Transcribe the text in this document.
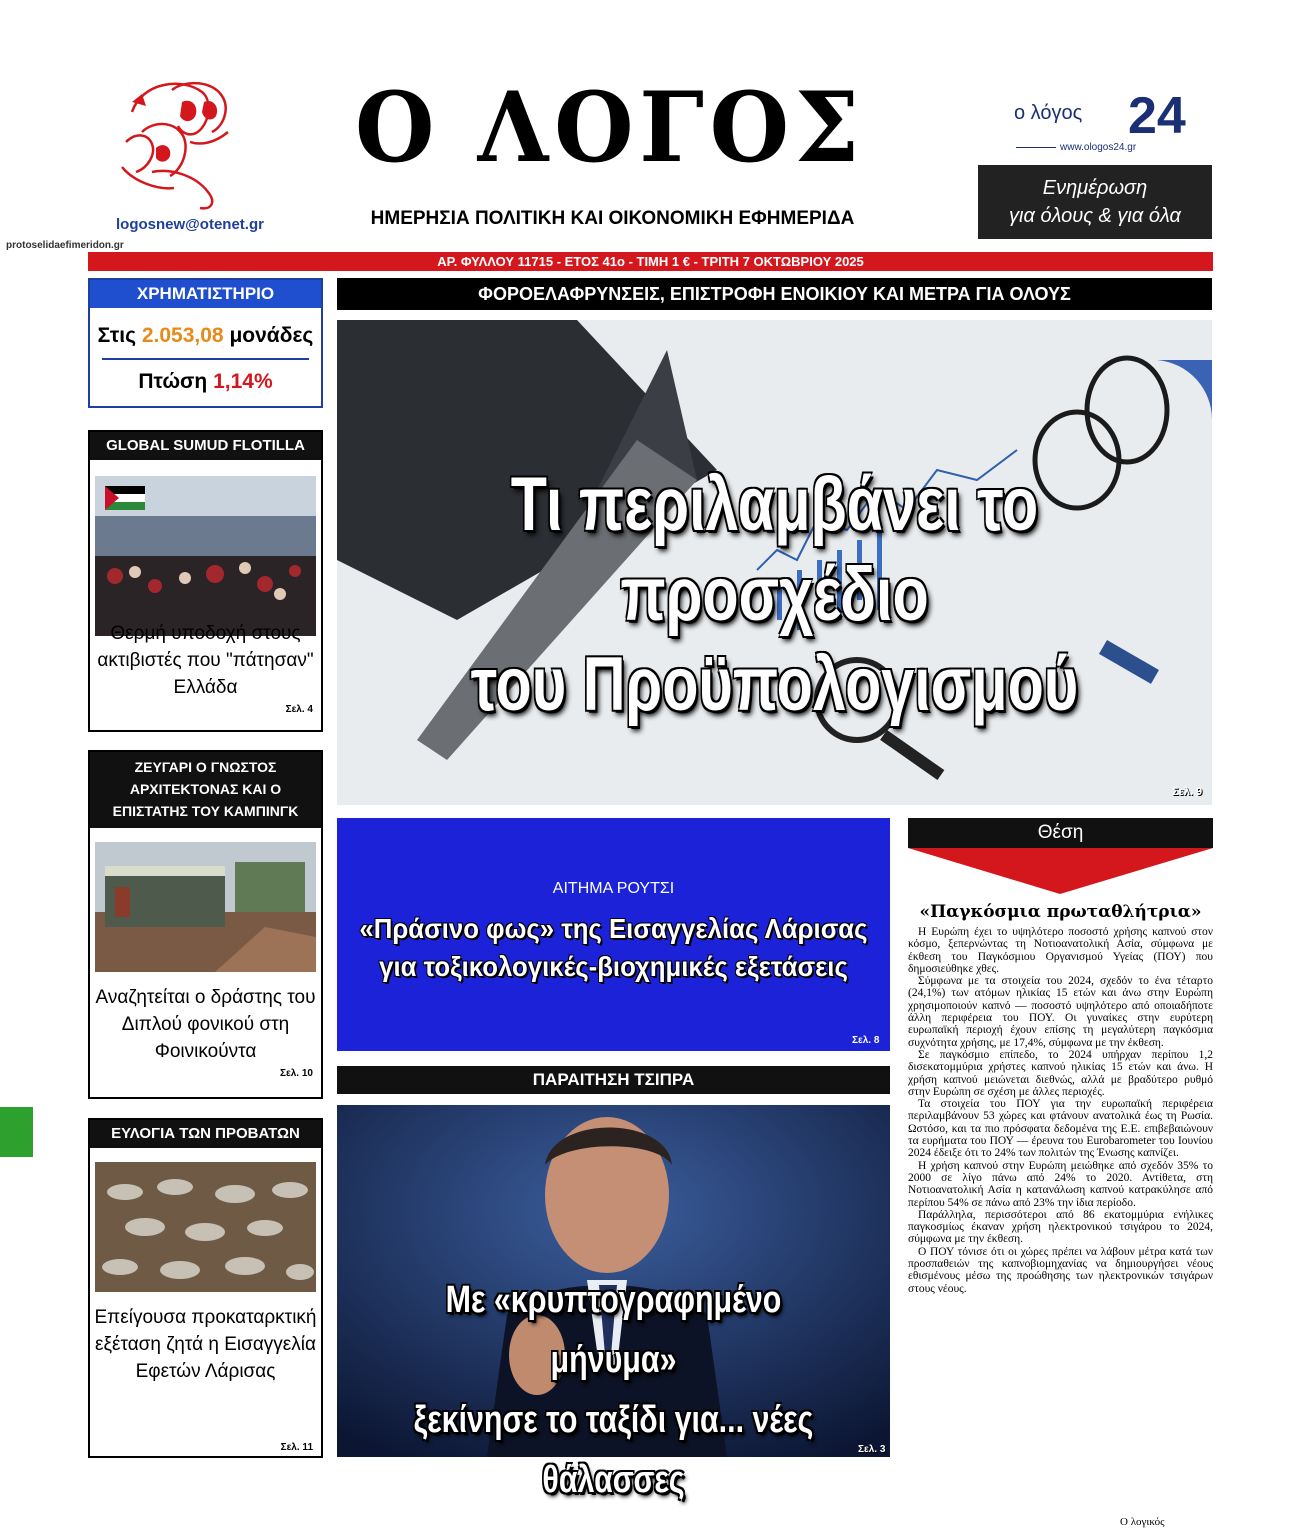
logosnew@otenet.gr
Ο ΛΟΓΟΣ
ΗΜΕΡΗΣΙΑ ΠΟΛΙΤΙΚΗ ΚΑΙ ΟΙΚΟΝΟΜΙΚΗ ΕΦΗΜΕΡΙΔΑ
protoselidaefimeridon.gr
ο λόγος 24
www.ologos24.gr
Ενημέρωση
για όλους & για όλα
ΑΡ. ΦΥΛΛΟΥ 11715 - ΕΤΟΣ 41ο - ΤΙΜΗ 1 € - ΤΡΙΤΗ 7 ΟΚΤΩΒΡΙΟΥ 2025
ΧΡΗΜΑΤΙΣΤΗΡΙΟ
Στις 2.053,08 μονάδες
Πτώση 1,14%
GLOBAL SUMUD FLOTILLA
Θερμή υποδοχή στους ακτιβιστές που "πάτησαν" Ελλάδα
Σελ. 4
ΖΕΥΓΑΡΙ Ο ΓΝΩΣΤΟΣ ΑΡΧΙΤΕΚΤΟΝΑΣ ΚΑΙ Ο ΕΠΙΣΤΑΤΗΣ ΤΟΥ ΚΑΜΠΙΝΓΚ
Αναζητείται ο δράστης του Διπλού φονικού στη Φοινικούντα
Σελ. 10
ΕΥΛΟΓΙΑ ΤΩΝ ΠΡΟΒΑΤΩΝ
Επείγουσα προκαταρκτική εξέταση ζητά η Εισαγγελία Εφετών Λάρισας
Σελ. 11
ΦΟΡΟΕΛΑΦΡΥΝΣΕΙΣ, ΕΠΙΣΤΡΟΦΗ ΕΝΟΙΚΙΟΥ ΚΑΙ ΜΕΤΡΑ ΓΙΑ ΟΛΟΥΣ
Τι περιλαμβάνει το προσχέδιο
του Προϋπολογισμού
Σελ. 9
ΑΙΤΗΜΑ ΡΟΥΤΣΙ
«Πράσινο φως» της Εισαγγελίας Λάρισας
για τοξικολογικές-βιοχημικές εξετάσεις
Σελ. 8
ΠΑΡΑΙΤΗΣΗ ΤΣΙΠΡΑ
Με «κρυπτογραφημένο μήνυμα»
ξεκίνησε το ταξίδι για... νέες θάλασσες
Σελ. 3
Θέση
«Παγκόσμια πρωταθλήτρια»

Η Ευρώπη έχει το υψηλότερο ποσοστό χρήσης καπνού στον κόσμο, ξεπερνώντας τη Νοτιοανατολική Ασία, σύμφωνα με έκθεση του Παγκόσμιου Οργανισμού Υγείας (ΠΟΥ) που δημοσιεύθηκε χθες.

Σύμφωνα με τα στοιχεία του 2024, σχεδόν το ένα τέταρτο (24,1%) των ατόμων ηλικίας 15 ετών και άνω στην Ευρώπη χρησιμοποιούν καπνό — ποσοστό υψηλότερο από οποιαδήποτε άλλη περιφέρεια του ΠΟΥ. Οι γυναίκες στην ευρύτερη ευρωπαϊκή περιοχή έχουν επίσης τη μεγαλύτερη παγκόσμια συχνότητα χρήσης, με 17,4%, σύμφωνα με την έκθεση.

Σε παγκόσμιο επίπεδο, το 2024 υπήρχαν περίπου 1,2 δισεκατομμύρια χρήστες καπνού ηλικίας 15 ετών και άνω. Η χρήση καπνού μειώνεται διεθνώς, αλλά με βραδύτερο ρυθμό στην Ευρώπη σε σχέση με άλλες περιοχές.

Τα στοιχεία του ΠΟΥ για την ευρωπαϊκή περιφέρεια περιλαμβάνουν 53 χώρες και φτάνουν ανατολικά έως τη Ρωσία. Ωστόσο, και τα πιο πρόσφατα δεδομένα της Ε.Ε. επιβεβαιώνουν τα ευρήματα του ΠΟΥ — έρευνα του Eurobarometer του Ιουνίου 2024 έδειξε ότι το 24% των πολιτών της Ένωσης καπνίζει.

Η χρήση καπνού στην Ευρώπη μειώθηκε από σχεδόν 35% το 2000 σε λίγο πάνω από 24% το 2020. Αντίθετα, στη Νοτιοανατολική Ασία η κατανάλωση καπνού κατρακύλησε από περίπου 54% σε πάνω από 23% την ίδια περίοδο.

Παράλληλα, περισσότεροι από 86 εκατομμύρια ενήλικες παγκοσμίως έκαναν χρήση ηλεκτρονικού τσιγάρου το 2024, σύμφωνα με την έκθεση.

Ο ΠΟΥ τόνισε ότι οι χώρες πρέπει να λάβουν μέτρα κατά των προσπαθειών της καπνοβιομηχανίας να δημιουργήσει νέους εθισμένους μέσω της προώθησης των ηλεκτρονικών τσιγάρων στους νέους.

Ο λογικός
